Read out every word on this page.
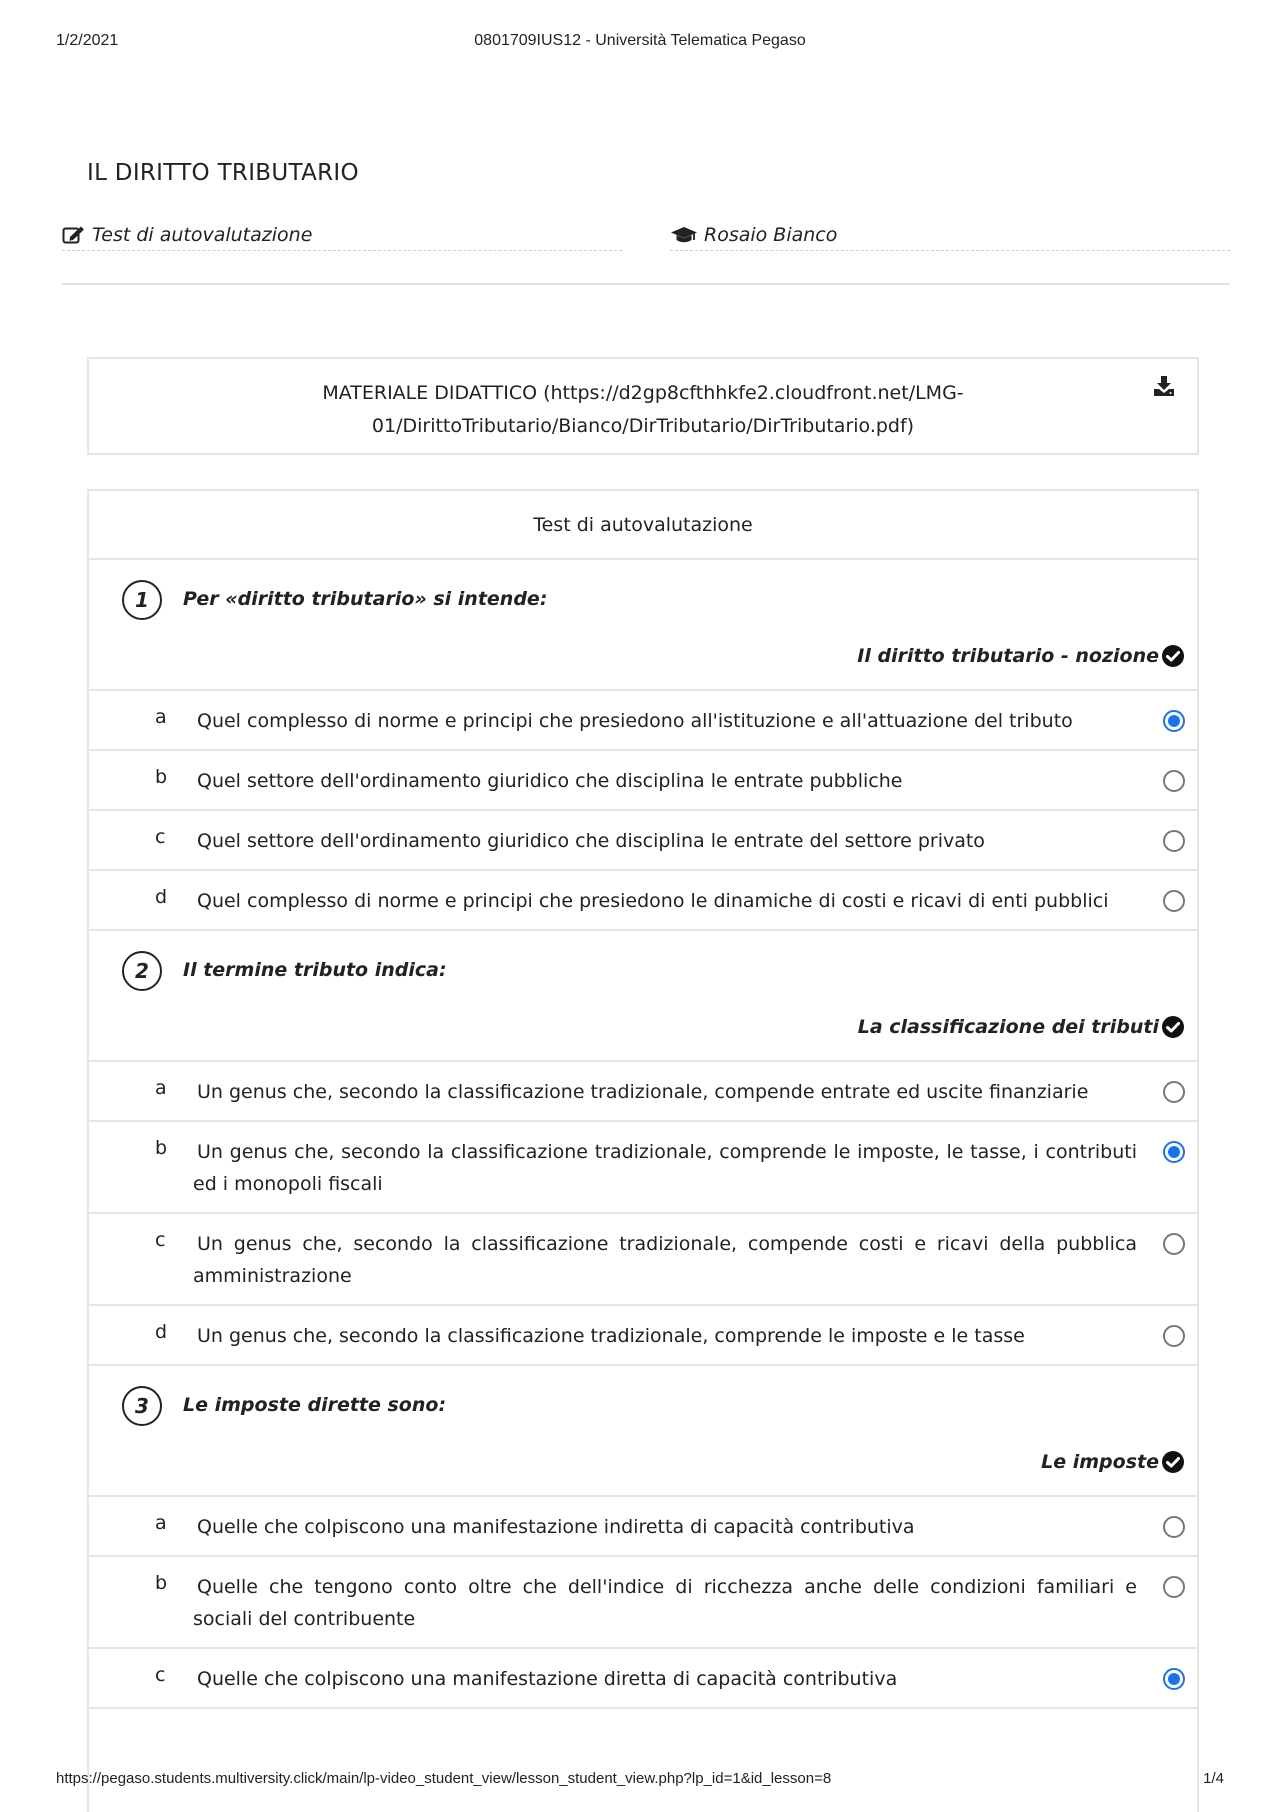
1/2/2021	0801709IUS12 - Università Telematica Pegaso
IL DIRITTO TRIBUTARIO
Test di autovalutazione	Rosaio Bianco
MATERIALE DIDATTICO (https://d2gp8cfthhkfe2.cloudfront.net/LMG-
01/DirittoTributario/Bianco/DirTributario/DirTributario.pdf)
Test di autovalutazione
1	Per «diritto tributario» si intende:
Il diritto tributario - nozione
a Quel complesso di norme e principi che presiedono all'istituzione e all'attuazione del tributo
b Quel settore dell'ordinamento giuridico che disciplina le entrate pubbliche
c Quel settore dell'ordinamento giuridico che disciplina le entrate del settore privato
d Quel complesso di norme e principi che presiedono le dinamiche di costi e ricavi di enti pubblici
2	Il termine tributo indica:
La classificazione dei tributi
a Un genus che, secondo la classificazione tradizionale, compende entrate ed uscite finanziarie
b Un genus che, secondo la classificazione tradizionale, comprende le imposte, le tasse, i contributi ed i monopoli fiscali
c Un genus che, secondo la classificazione tradizionale, compende costi e ricavi della pubblica amministrazione
d Un genus che, secondo la classificazione tradizionale, comprende le imposte e le tasse
3	Le imposte dirette sono:
Le imposte
a Quelle che colpiscono una manifestazione indiretta di capacità contributiva
b Quelle che tengono conto oltre che dell'indice di ricchezza anche delle condizioni familiari e sociali del contribuente
c Quelle che colpiscono una manifestazione diretta di capacità contributiva
https://pegaso.students.multiversity.click/main/lp-video_student_view/lesson_student_view.php?lp_id=1&id_lesson=8	1/4
